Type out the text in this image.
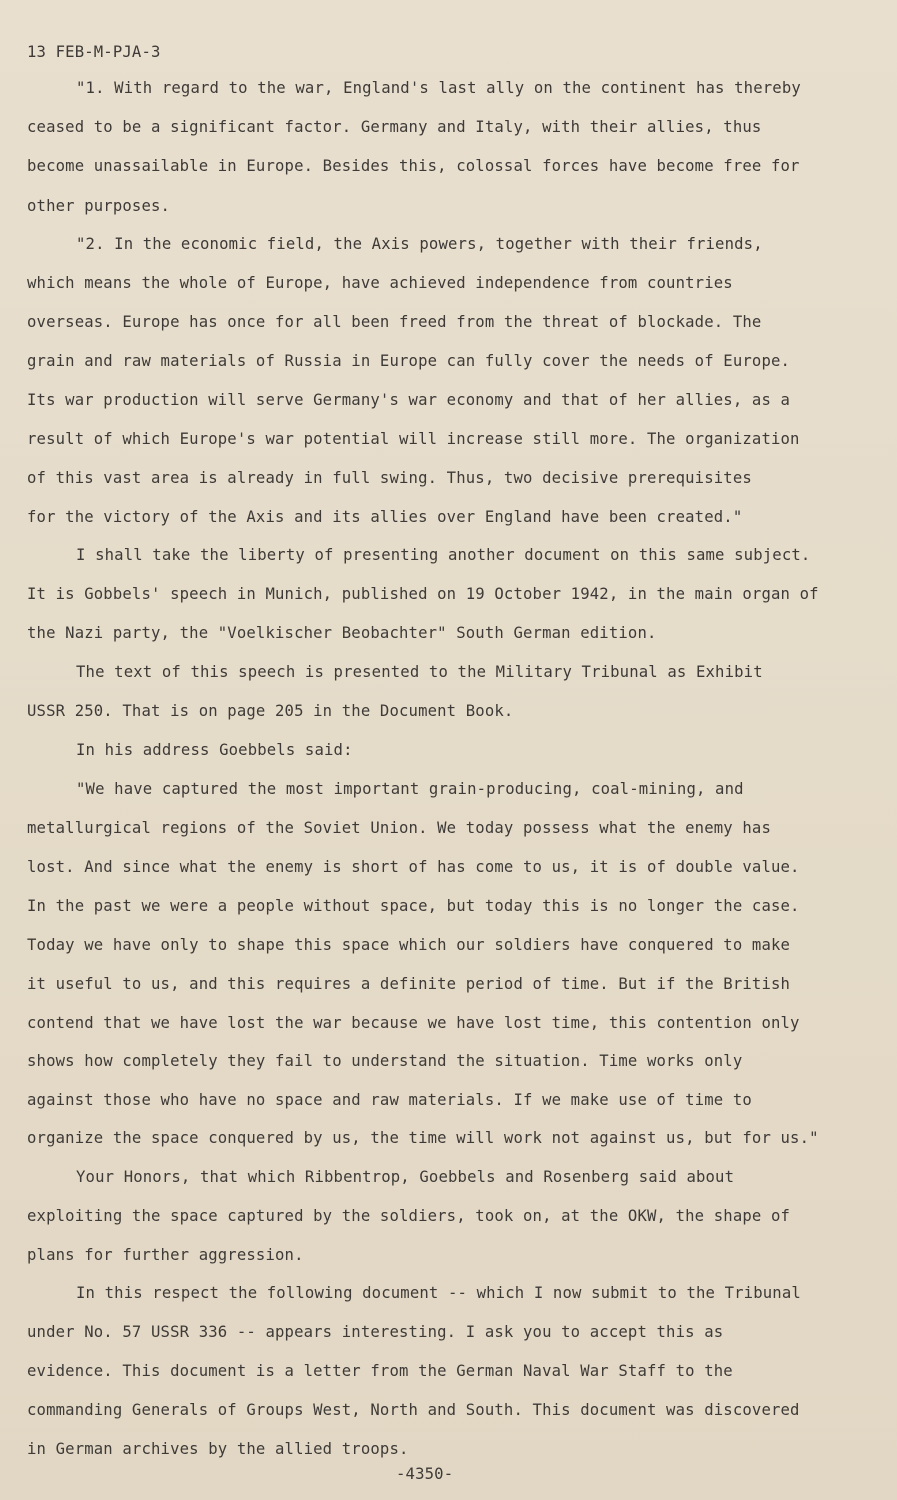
13 FEB-M-PJA-3
"1. With regard to the war, England's last ally on the continent has thereby
ceased to be a significant factor. Germany and Italy, with their allies, thus
become unassailable in Europe. Besides this, colossal forces have become free for
other purposes.
"2. In the economic field, the Axis powers, together with their friends,
which means the whole of Europe, have achieved independence from countries
overseas. Europe has once for all been freed from the threat of blockade. The
grain and raw materials of Russia in Europe can fully cover the needs of Europe.
Its war production will serve Germany's war economy and that of her allies, as a
result of which Europe's war potential will increase still more. The organization
of this vast area is already in full swing. Thus, two decisive prerequisites
for the victory of the Axis and its allies over England have been created."
I shall take the liberty of presenting another document on this same subject.
It is Gobbels' speech in Munich, published on 19 October 1942, in the main organ of
the Nazi party, the "Voelkischer Beobachter" South German edition.
The text of this speech is presented to the Military Tribunal as Exhibit
USSR 250. That is on page 205 in the Document Book.
In his address Goebbels said:
"We have captured the most important grain-producing, coal-mining, and
metallurgical regions of the Soviet Union. We today possess what the enemy has
lost. And since what the enemy is short of has come to us, it is of double value.
In the past we were a people without space, but today this is no longer the case.
Today we have only to shape this space which our soldiers have conquered to make
it useful to us, and this requires a definite period of time. But if the British
contend that we have lost the war because we have lost time, this contention only
shows how completely they fail to understand the situation. Time works only
against those who have no space and raw materials. If we make use of time to
organize the space conquered by us, the time will work not against us, but for us."
Your Honors, that which Ribbentrop, Goebbels and Rosenberg said about
exploiting the space captured by the soldiers, took on, at the OKW, the shape of
plans for further aggression.
In this respect the following document -- which I now submit to the Tribunal
under No. 57 USSR 336 -- appears interesting. I ask you to accept this as
evidence. This document is a letter from the German Naval War Staff to the
commanding Generals of Groups West, North and South. This document was discovered
in German archives by the allied troops.
-4350-
